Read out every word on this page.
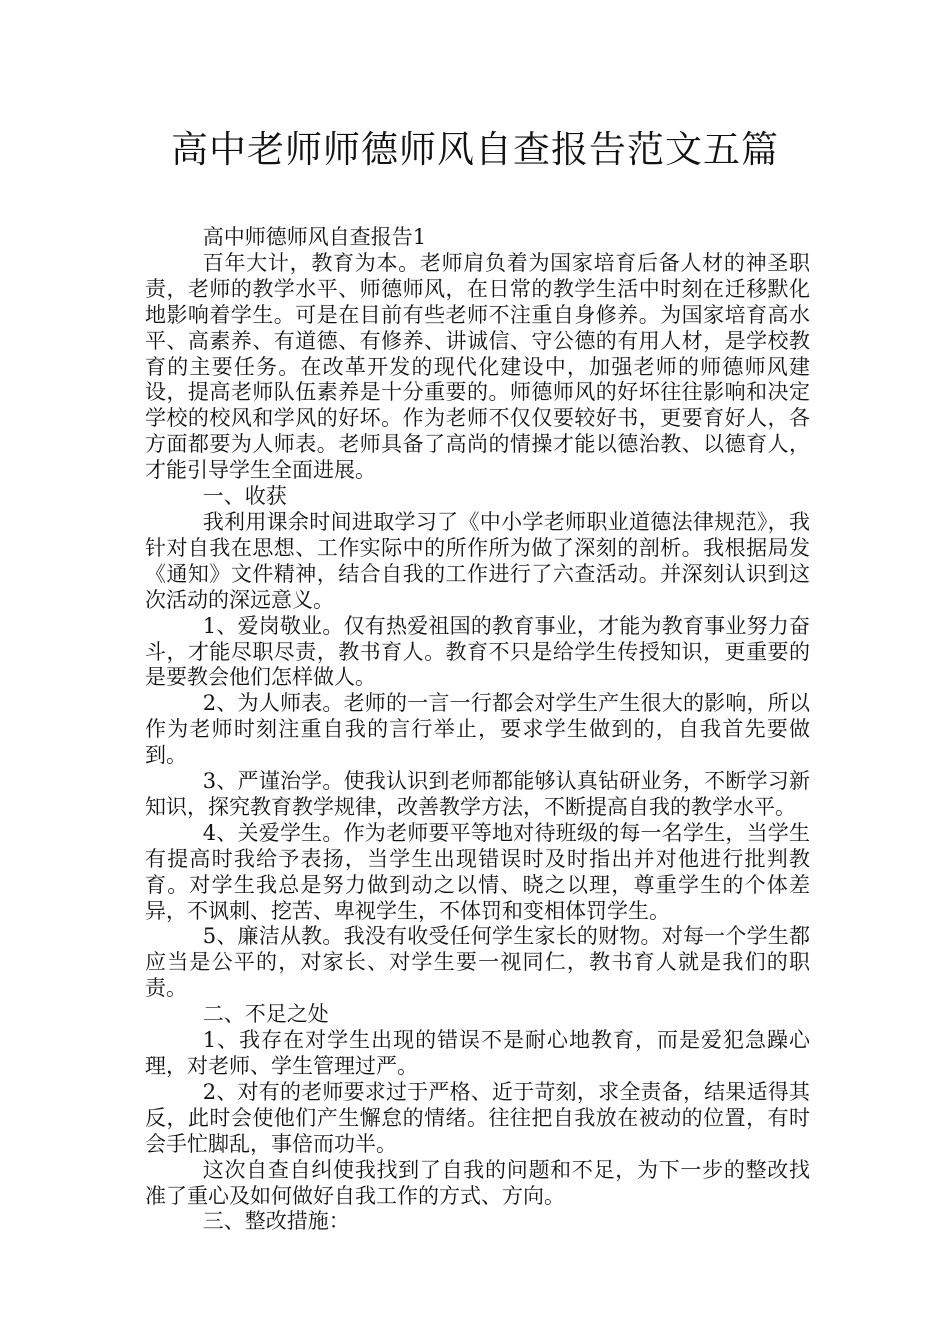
高中老师师德师风自查报告范文五篇

高中师德师风自查报告1

百年大计，教育为本。老师肩负着为国家培育后备人材的神圣职责，老师的教学水平、师德师风，在日常的教学生活中时刻在迁移默化地影响着学生。可是在目前有些老师不注重自身修养。为国家培育高水平、高素养、有道德、有修养、讲诚信、守公德的有用人材，是学校教育的主要任务。在改革开发的现代化建设中，加强老师的师德师风建设，提高老师队伍素养是十分重要的。师德师风的好坏往往影响和决定学校的校风和学风的好坏。作为老师不仅仅要较好书，更要育好人，各方面都要为人师表。老师具备了高尚的情操才能以德治教、以德育人，才能引导学生全面进展。

一、收获

我利用课余时间进取学习了《中小学老师职业道德法律规范》，我针对自我在思想、工作实际中的所作所为做了深刻的剖析。我根据局发《通知》文件精神，结合自我的工作进行了六查活动。并深刻认识到这次活动的深远意义。

1、爱岗敬业。仅有热爱祖国的教育事业，才能为教育事业努力奋斗，才能尽职尽责，教书育人。教育不只是给学生传授知识，更重要的是要教会他们怎样做人。

2、为人师表。老师的一言一行都会对学生产生很大的影响，所以作为老师时刻注重自我的言行举止，要求学生做到的，自我首先要做到。

3、严谨治学。使我认识到老师都能够认真钻研业务，不断学习新知识，探究教育教学规律，改善教学方法，不断提高自我的教学水平。

4、关爱学生。作为老师要平等地对待班级的每一名学生，当学生有提高时我给予表扬，当学生出现错误时及时指出并对他进行批判教育。对学生我总是努力做到动之以情、晓之以理，尊重学生的个体差异，不讽刺、挖苦、卑视学生，不体罚和变相体罚学生。

5、廉洁从教。我没有收受任何学生家长的财物。对每一个学生都应当是公平的，对家长、对学生要一视同仁，教书育人就是我们的职责。

二、不足之处

1、我存在对学生出现的错误不是耐心地教育，而是爱犯急躁心理，对老师、学生管理过严。

2、对有的老师要求过于严格、近于苛刻，求全责备，结果适得其反，此时会使他们产生懈怠的情绪。往往把自我放在被动的位置，有时会手忙脚乱，事倍而功半。

这次自查自纠使我找到了自我的问题和不足，为下一步的整改找准了重心及如何做好自我工作的方式、方向。

三、整改措施：
